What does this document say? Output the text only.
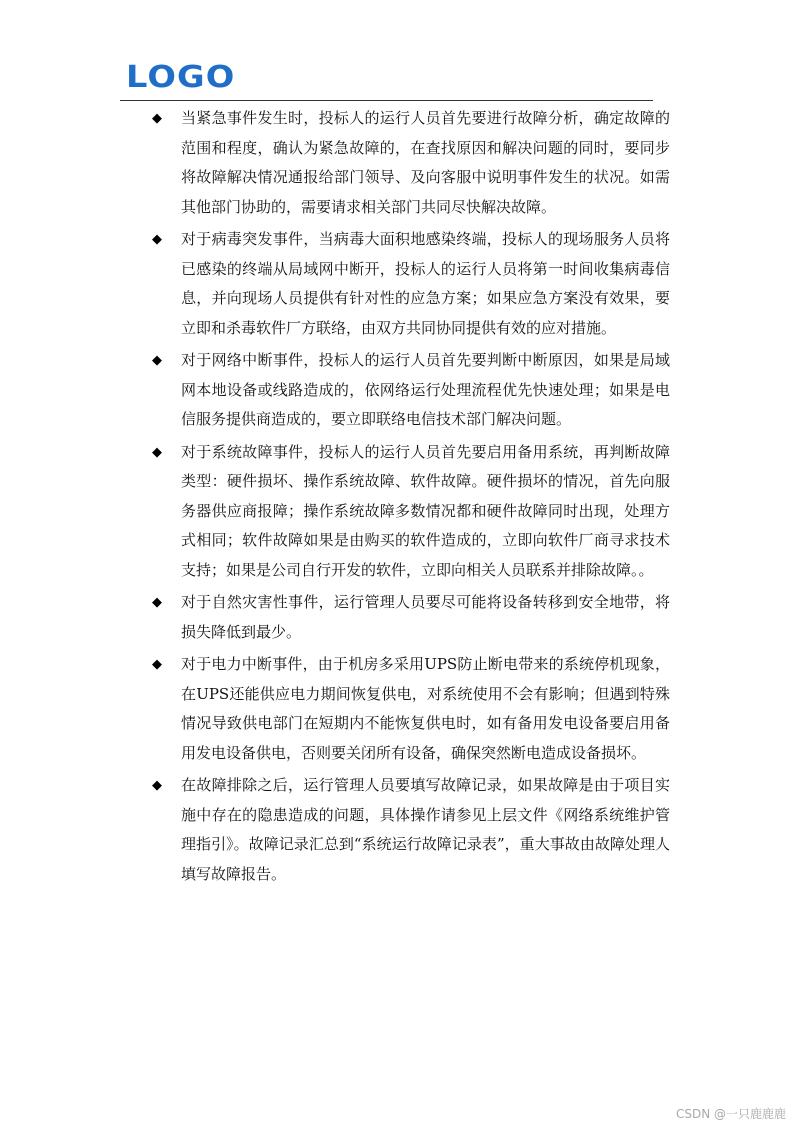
LOGO
◆ 当紧急事件发生时，投标人的运行人员首先要进行故障分析，确定故障的范围和程度，确认为紧急故障的，在查找原因和解决问题的同时，要同步将故障解决情况通报给部门领导、及向客服中说明事件发生的状况。如需其他部门协助的，需要请求相关部门共同尽快解决故障。
◆ 对于病毒突发事件，当病毒大面积地感染终端，投标人的现场服务人员将已感染的终端从局域网中断开，投标人的运行人员将第一时间收集病毒信息，并向现场人员提供有针对性的应急方案；如果应急方案没有效果，要立即和杀毒软件厂方联络，由双方共同协同提供有效的应对措施。
◆ 对于网络中断事件，投标人的运行人员首先要判断中断原因，如果是局域网本地设备或线路造成的，依网络运行处理流程优先快速处理；如果是电信服务提供商造成的，要立即联络电信技术部门解决问题。
◆ 对于系统故障事件，投标人的运行人员首先要启用备用系统，再判断故障类型：硬件损坏、操作系统故障、软件故障。硬件损坏的情况，首先向服务器供应商报障；操作系统故障多数情况都和硬件故障同时出现，处理方式相同；软件故障如果是由购买的软件造成的，立即向软件厂商寻求技术支持；如果是公司自行开发的软件，立即向相关人员联系并排除故障。。
◆ 对于自然灾害性事件，运行管理人员要尽可能将设备转移到安全地带，将损失降低到最少。
◆ 对于电力中断事件，由于机房多采用UPS防止断电带来的系统停机现象，在UPS还能供应电力期间恢复供电，对系统使用不会有影响；但遇到特殊情况导致供电部门在短期内不能恢复供电时，如有备用发电设备要启用备用发电设备供电，否则要关闭所有设备，确保突然断电造成设备损坏。
◆ 在故障排除之后，运行管理人员要填写故障记录，如果故障是由于项目实施中存在的隐患造成的问题，具体操作请参见上层文件《网络系统维护管理指引》。故障记录汇总到“系统运行故障记录表”，重大事故由故障处理人填写故障报告。
CSDN @一只鹿鹿鹿
